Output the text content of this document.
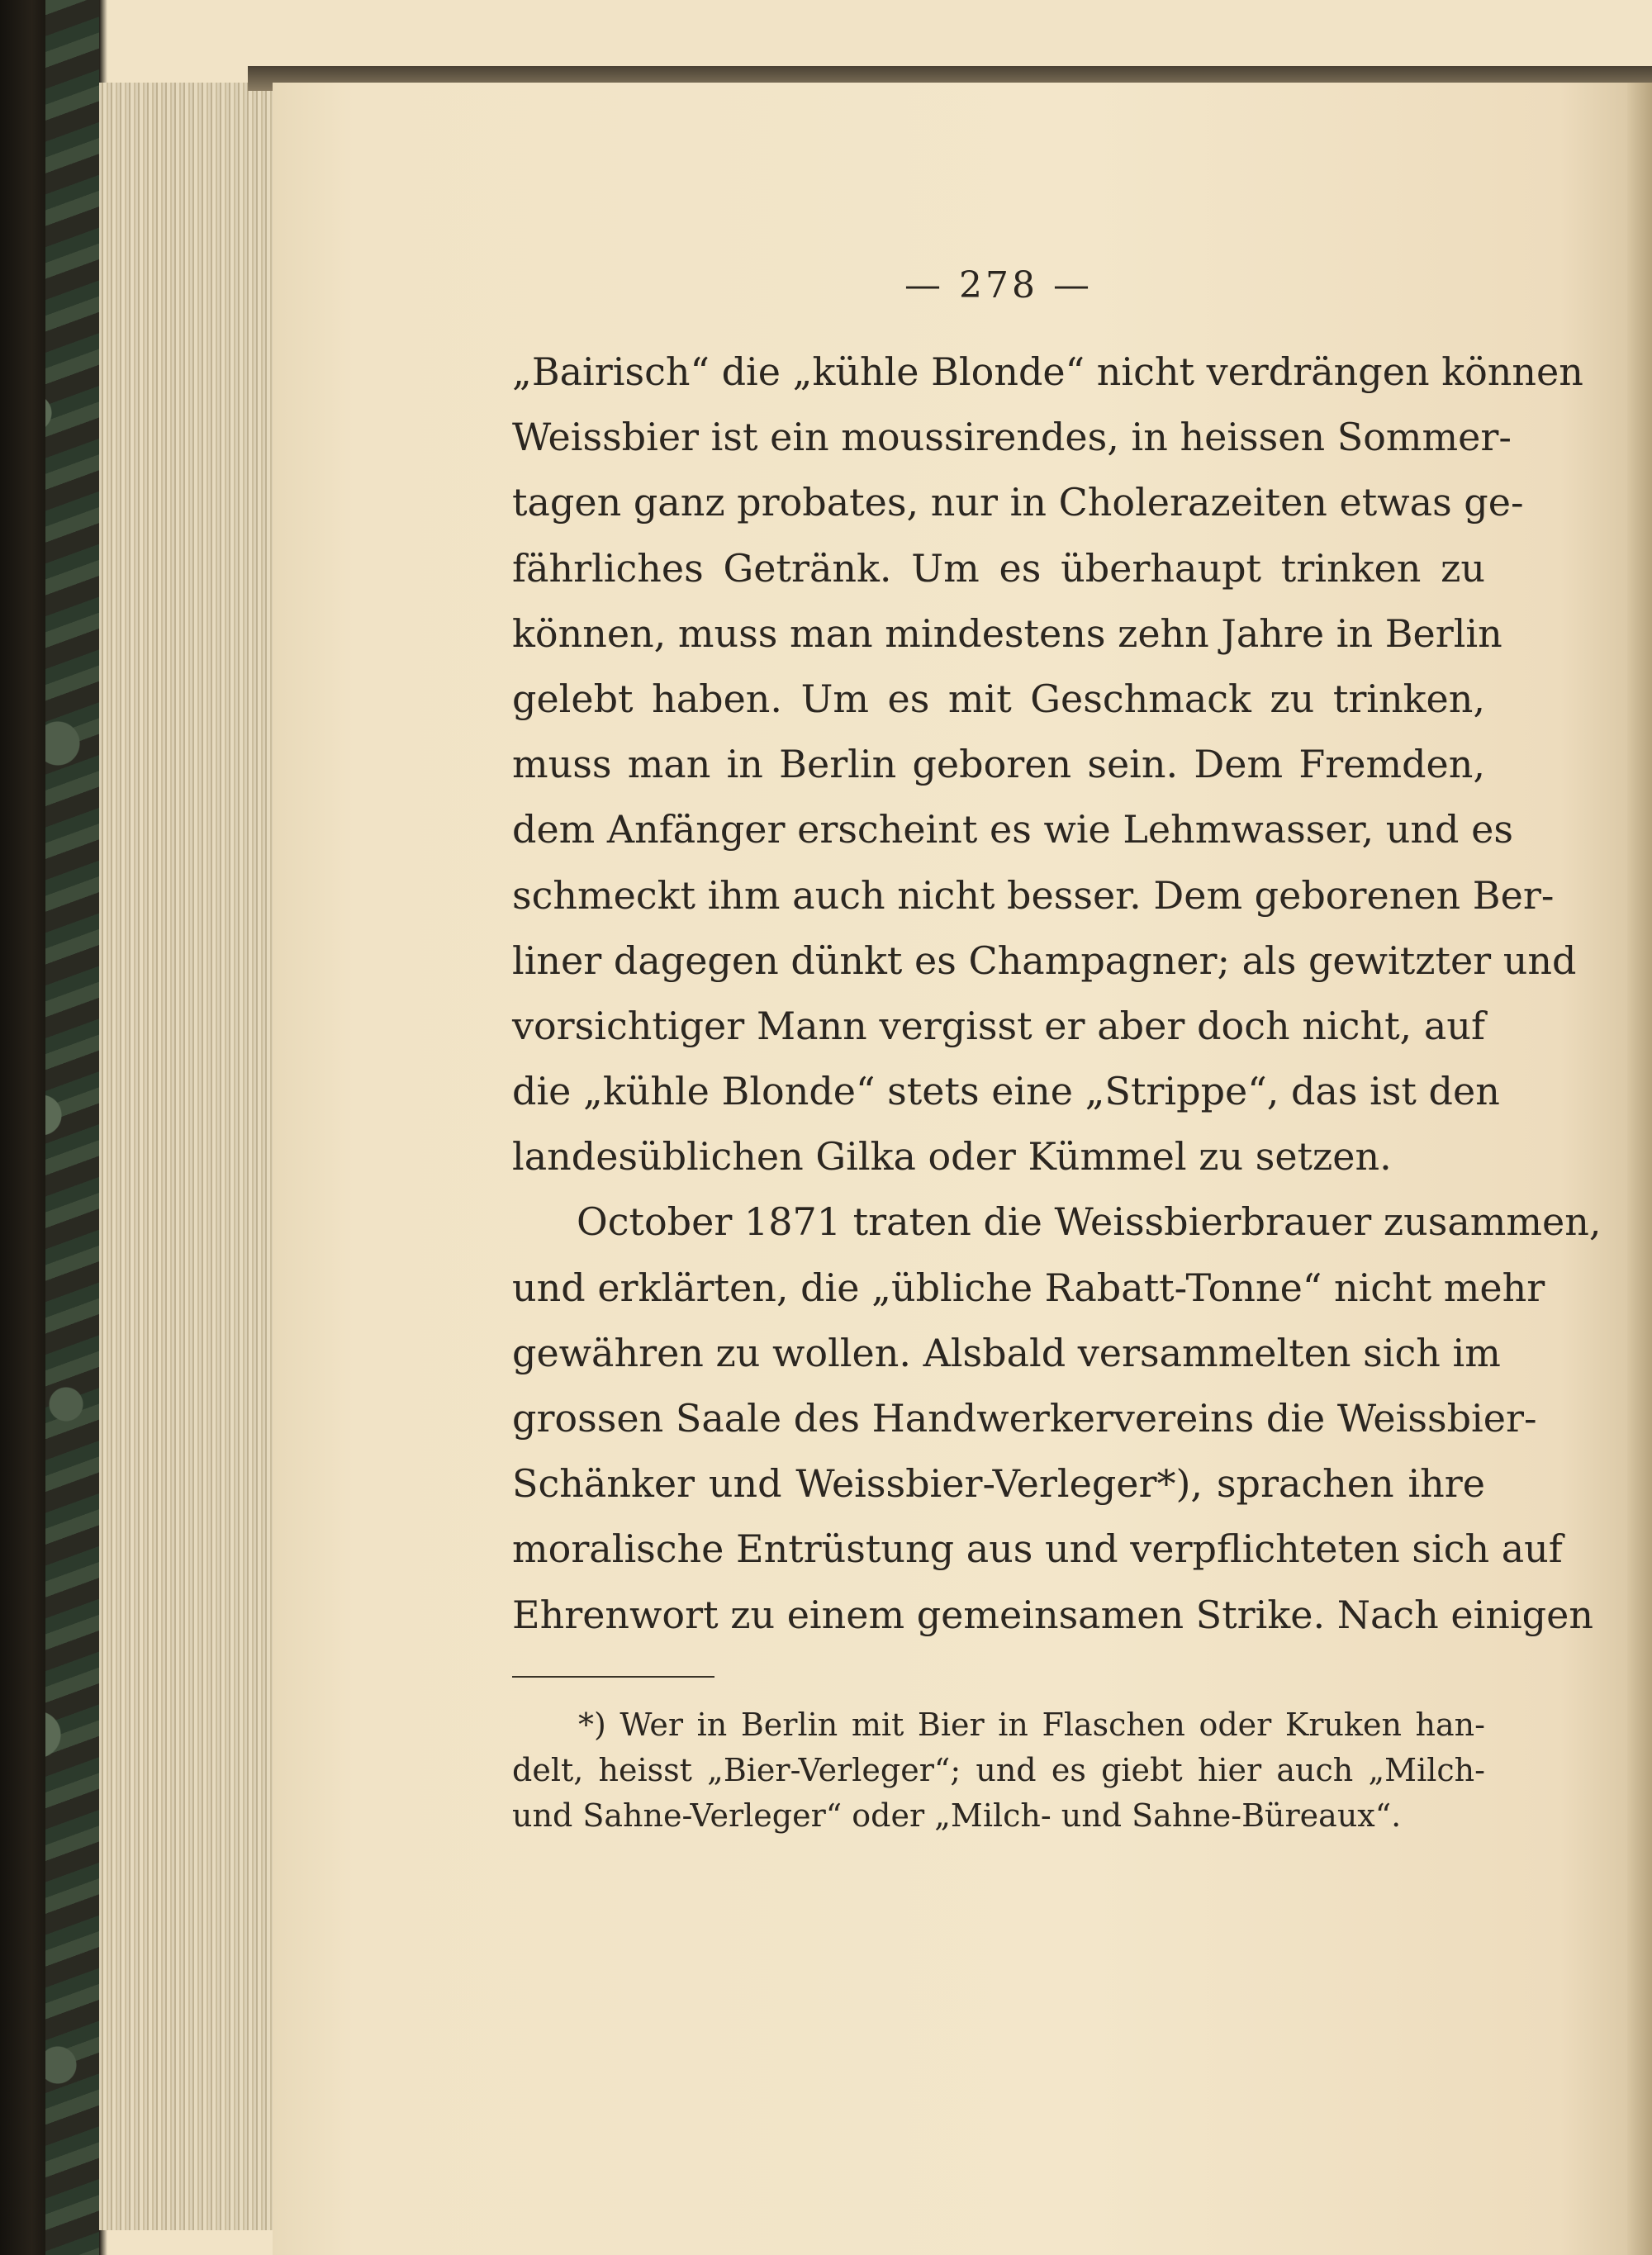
— 278 —
„Bairisch“ die „kühle Blonde“ nicht verdrängen können
Weissbier ist ein moussirendes, in heissen Sommer-
tagen ganz probates, nur in Cholerazeiten etwas ge-
fährliches Getränk. Um es überhaupt trinken zu
können, muss man mindestens zehn Jahre in Berlin
gelebt haben. Um es mit Geschmack zu trinken,
muss man in Berlin geboren sein. Dem Fremden,
dem Anfänger erscheint es wie Lehmwasser, und es
schmeckt ihm auch nicht besser. Dem geborenen Ber-
liner dagegen dünkt es Champagner; als gewitzter und
vorsichtiger Mann vergisst er aber doch nicht, auf
die „kühle Blonde“ stets eine „Strippe“, das ist den
landesüblichen Gilka oder Kümmel zu setzen.
October 1871 traten die Weissbierbrauer zusammen,
und erklärten, die „übliche Rabatt-Tonne“ nicht mehr
gewähren zu wollen. Alsbald versammelten sich im
grossen Saale des Handwerkervereins die Weissbier-
Schänker und Weissbier-Verleger*), sprachen ihre
moralische Entrüstung aus und verpflichteten sich auf
Ehrenwort zu einem gemeinsamen Strike. Nach einigen
*) Wer in Berlin mit Bier in Flaschen oder Kruken han-
delt, heisst „Bier-Verleger“; und es giebt hier auch „Milch-
und Sahne-Verleger“ oder „Milch- und Sahne-Büreaux“.
